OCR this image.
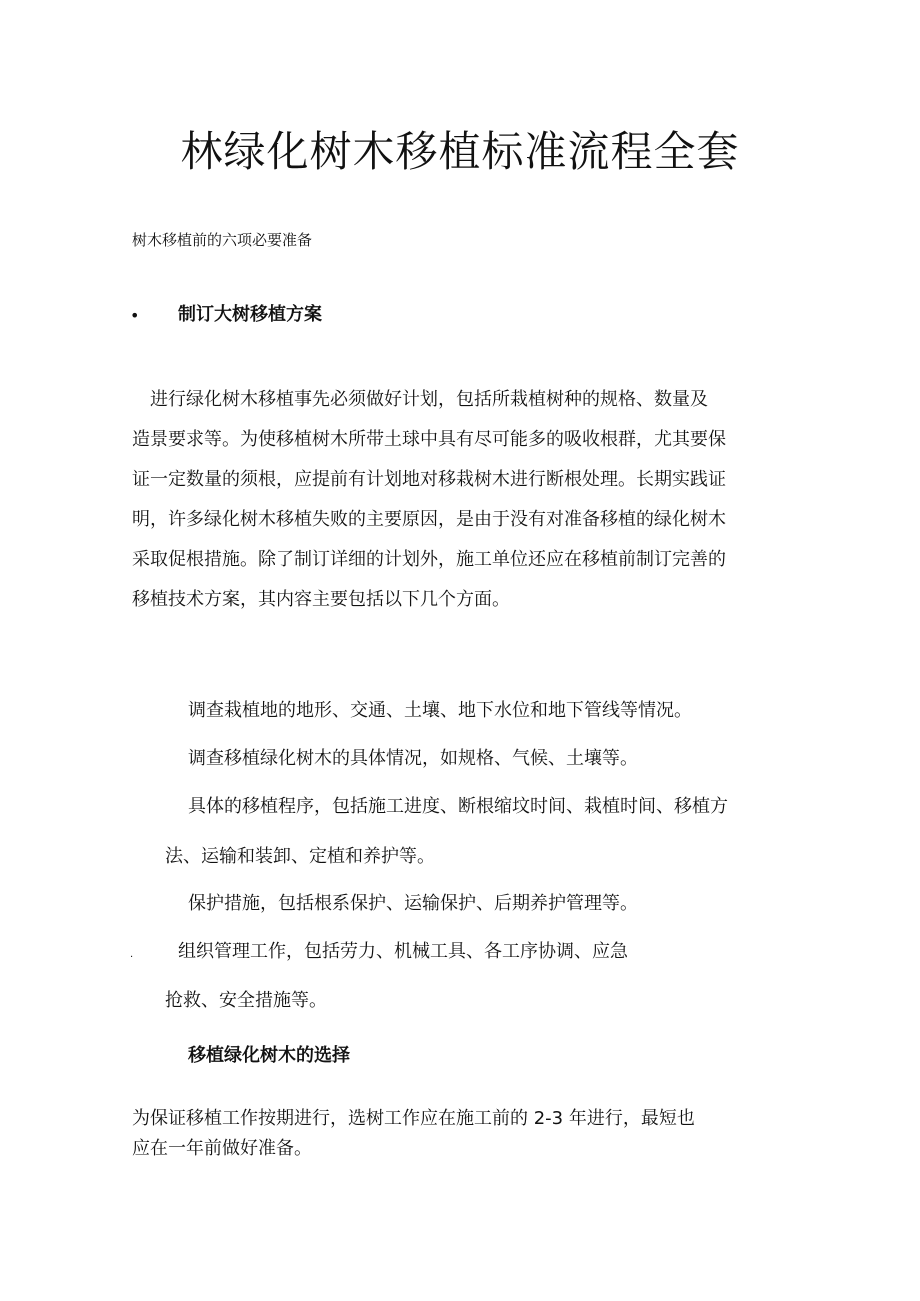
林绿化树木移植标准流程全套
树木移植前的六项必要准备
• 制订大树移植方案
　进行绿化树木移植事先必须做好计划，包括所栽植树种的规格、数量及
造景要求等。为使移植树木所带土球中具有尽可能多的吸收根群，尤其要保
证一定数量的须根，应提前有计划地对移栽树木进行断根处理。长期实践证
明，许多绿化树木移植失败的主要原因，是由于没有对准备移植的绿化树木
采取促根措施。除了制订详细的计划外，施工单位还应在移植前制订完善的
移植技术方案，其内容主要包括以下几个方面。
调查栽植地的地形、交通、土壤、地下水位和地下管线等情况。
调查移植绿化树木的具体情况，如规格、气候、土壤等。
具体的移植程序，包括施工进度、断根缩坟时间、栽植时间、移植方
法、运输和装卸、定植和养护等。
保护措施，包括根系保护、运输保护、后期养护管理等。
. 组织管理工作，包括劳力、机械工具、各工序协调、应急
抢救、安全措施等。
移植绿化树木的选择
为保证移植工作按期进行，选树工作应在施工前的 2-3 年进行，最短也
应在一年前做好准备。
